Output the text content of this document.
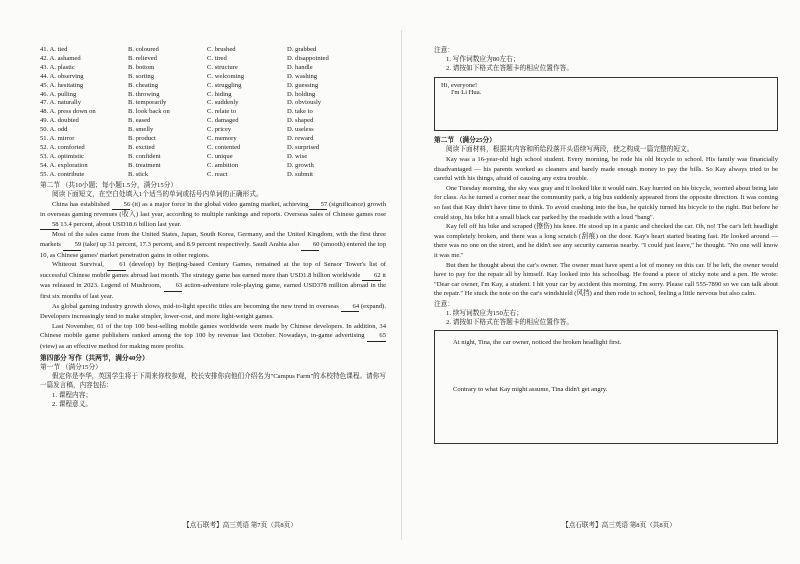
41. A. tied	B. coloured	C. brushed	D. grabbed
42. A. ashamed	B. relieved	C. tired	D. disappointed
43. A. plastic	B. bottom	C. structure	D. handle
44. A. observing	B. sorting	C. welcoming	D. washing
45. A. hesitating	B. cheating	C. struggling	D. guessing
46. A. pulling	B. throwing	C. hiding	D. holding
47. A. naturally	B. temporarily	C. suddenly	D. obviously
48. A. press down on	B. look back on	C. relate to	D. take to
49. A. doubted	B. eased	C. damaged	D. shaped
50. A. odd	B. smelly	C. pricey	D. useless
51. A. mirror	B. product	C. memory	D. reward
52. A. comforted	B. excited	C. contented	D. surprised
53. A. optimistic	B. confident	C. unique	D. wise
54. A. exploration	B. treatment	C. ambition	D. growth
55. A. contribute	B. stick	C. react	D. submit

第二节 （共10小题；每小题1.5分，满分15分）

阅读下面短文，在空白处填入1个适当的单词或括号内单词的正确形式。

China has established 56 (it) as a major force in the global video gaming market, achieving 57 (significance) growth in overseas gaming revenues (收入) last year, according to multiple rankings and reports. Overseas sales of Chinese games rose 58 13.4 percent, about USD18.6 billion last year.

Most of the sales came from the United States, Japan, South Korea, Germany, and the United Kingdom, with the first three markets 59 (take) up 31 percent, 17.3 percent, and 8.9 percent respectively. Saudi Arabia also 60 (smooth) entered the top 10, as Chinese games' market penetration gains in other regions.

Whiteout Survival, 61 (develop) by Beijing-based Century Games, remained at the top of Sensor Tower's list of successful Chinese mobile games abroad last month. The strategy game has earned more than USD1.8 billion worldwide 62 it was released in 2023. Legend of Mushroom, 63 action-adventure role-playing game, earned USD378 million abroad in the first six months of last year.

As global gaming industry growth slows, mid-to-light specific titles are becoming the new trend in overseas 64 (expand). Developers increasingly tend to make simpler, lower-cost, and more light-weight games.

Last November, 61 of the top 100 best-selling mobile games worldwide were made by Chinese developers. In addition, 34 Chinese mobile game publishers ranked among the top 100 by revenue last October. Nowadays, in-game advertising 65 (view) as an effective method for making more profits.

第四部分 写作（共两节，满分40分）

第一节 （满分15分）

假定你是李华，英国学生将于下周来你校参观，校长安排你向他们介绍名为"Campus Farm"的本校特色课程。请你写一篇发言稿，内容包括：

1. 课程内容；

2. 课程意义。

【点石联考】高三英语 第7页（共8页）

注意：

1. 写作词数应为80左右；

2. 请按如下格式在答题卡的相应位置作答。

Hi, everyone!
I'm Li Hua.

第二节 （满分25分）

阅读下面材料，根据其内容和所给段落开头语续写两段，使之构成一篇完整的短文。

Kay was a 16-year-old high school student. Every morning, he rode his old bicycle to school. His family was financially disadvantaged — his parents worked as cleaners and barely made enough money to pay the bills. So Kay always tried to be careful with his things, afraid of causing any extra trouble.

One Tuesday morning, the sky was gray and it looked like it would rain. Kay hurried on his bicycle, worried about being late for class. As he turned a corner near the community park, a big bus suddenly appeared from the opposite direction. It was coming so fast that Kay didn't have time to think. To avoid crashing into the bus, he quickly turned his bicycle to the right. But before he could stop, his bike hit a small black car parked by the roadside with a loud "bang".

Kay fell off his bike and scraped (擦伤) his knee. He stood up in a panic and checked the car. Oh, no! The car's left headlight was completely broken, and there was a long scratch (刮痕) on the door. Kay's heart started beating fast. He looked around — there was no one on the street, and he didn't see any security cameras nearby. "I could just leave," he thought. "No one will know it was me."

But then he thought about the car's owner. The owner must have spent a lot of money on this car. If he left, the owner would have to pay for the repair all by himself. Kay looked into his schoolbag. He found a piece of sticky note and a pen. He wrote: "Dear car owner, I'm Kay, a student. I hit your car by accident this morning. I'm sorry. Please call 555-7890 so we can talk about the repair." He stuck the note on the car's windshield (风挡) and then rode to school, feeling a little nervous but also calm.

注意：

1. 续写词数应为150左右；

2. 请按如下格式在答题卡的相应位置作答。

At night, Tina, the car owner, noticed the broken headlight first.
Contrary to what Kay might assume, Tina didn't get angry.
【点石联考】高三英语 第8页（共8页）
